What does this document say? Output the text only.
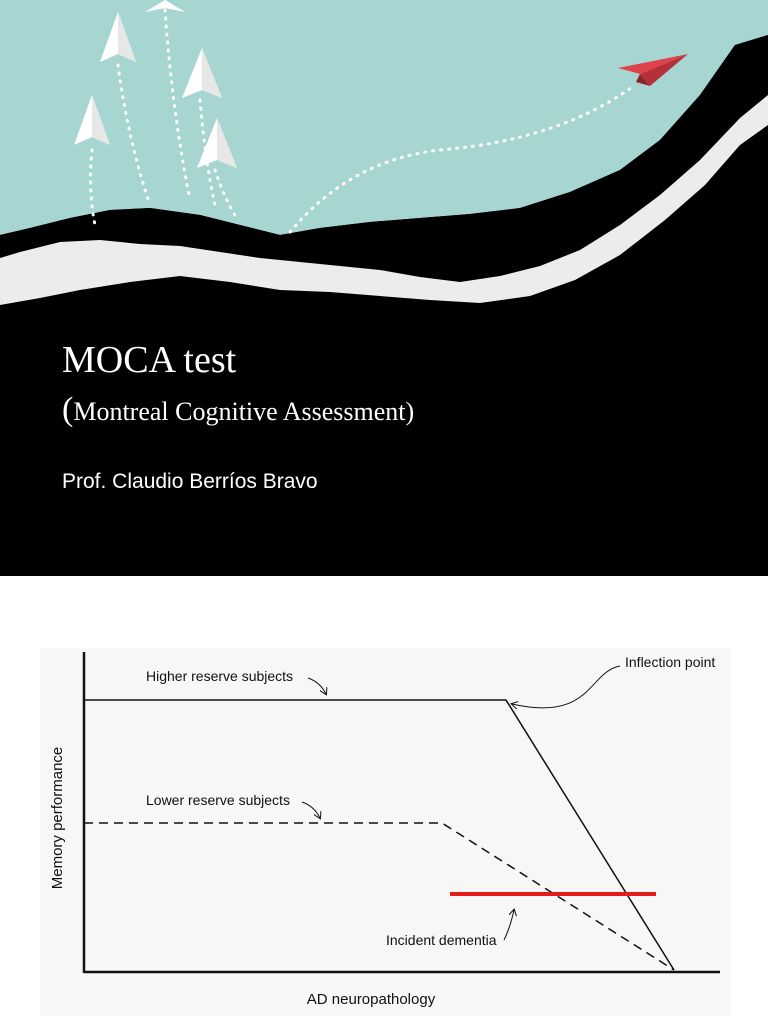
MOCA test

(Montreal Cognitive Assessment)

Prof. Claudio Berríos Bravo

Memory performance
AD neuropathology
Higher reserve subjects
Lower reserve subjects
Inflection point
Incident dementia
